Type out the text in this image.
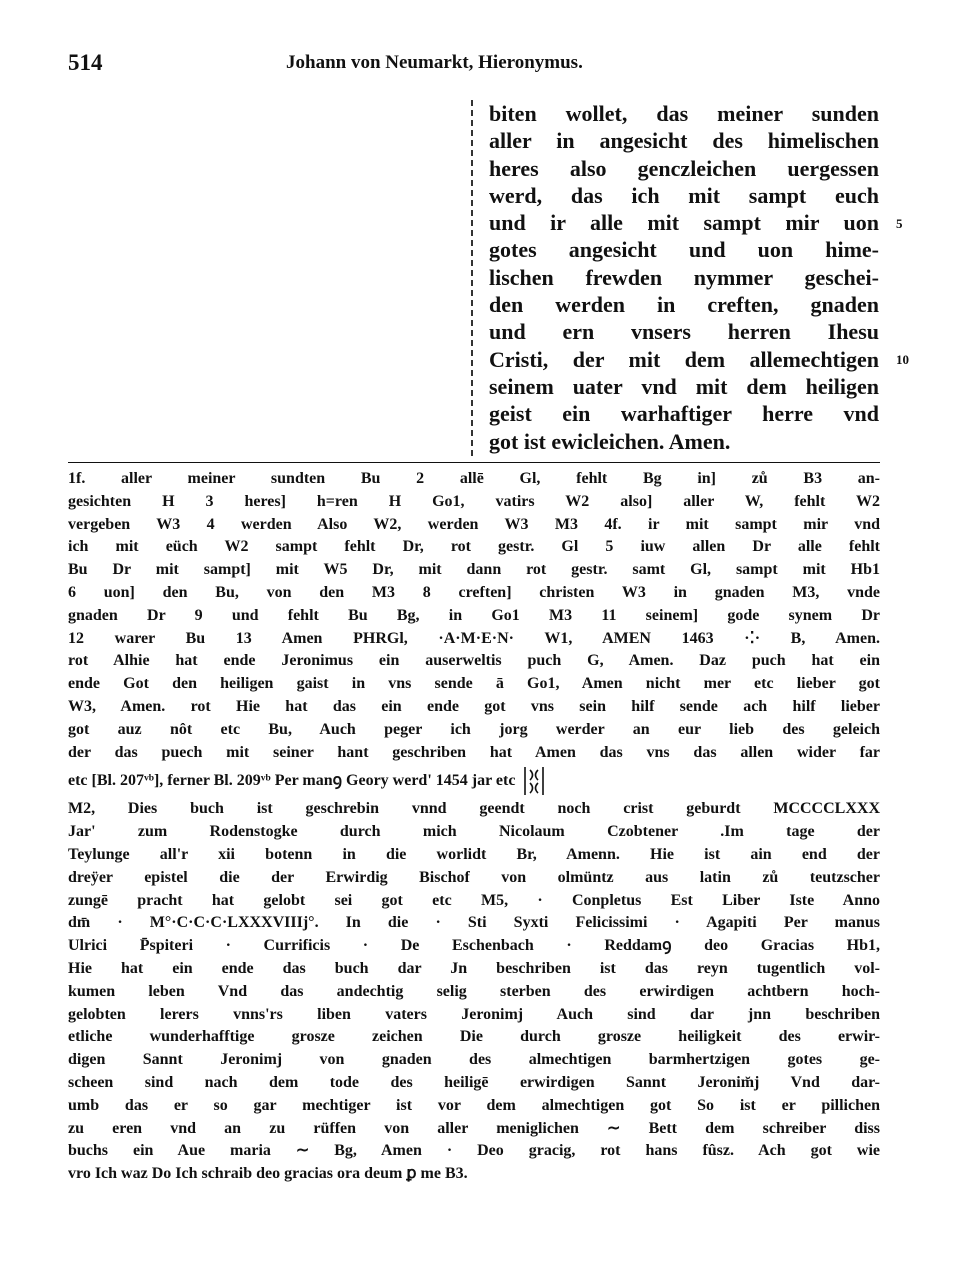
514	Johann von Neumarkt, Hieronymus.
biten wollet, das meiner sunden
aller in angesicht des himelischen
heres also genczleichen uergessen
werd, das ich mit sampt euch
und ir alle mit sampt mir uon
gotes angesicht und uon hime-
lischen frewden nymmer geschei-
den werden in creften, gnaden
und ern vnsers herren Ihesu
Cristi, der mit dem allemechtigen
seinem uater vnd mit dem heiligen
geist ein warhaftiger herre vnd
got ist ewicleichen. Amen.
5
10
1f. aller meiner sundten Bu 2 allē Gl, fehlt Bg in] zů B3 an-
gesichten H 3 heres] h=ren H Go1, vatirs W2 also] aller W, fehlt W2
vergeben W3 4 werden Also W2, werden W3 M3 4f. ir mit sampt mir vnd
ich mit eüch W2 sampt fehlt Dr, rot gestr. Gl 5 iuw allen Dr alle fehlt
Bu Dr mit sampt] mit W5 Dr, mit dann rot gestr. samt Gl, sampt mit Hb1
6 uon] den Bu, von den M3 8 creften] christen W3 in gnaden M3, vnde
gnaden Dr 9 und fehlt Bu Bg, in Go1 M3 11 seinem] gode synem Dr
12 warer Bu 13 Amen PHRGl, ·A·M·E·N· W1, AMEN 1463 ·⁚· B, Amen.
rot Alhie hat ende Jeronimus ein auserweltis puch G, Amen. Daz puch hat ein
ende Got den heiligen gaist in vns sende ā Go1, Amen nicht mer etc lieber got
W3, Amen. rot Hie hat das ein ende got vns sein hilf sende ach hilf lieber
got auz nôt etc Bu, Auch peger ich jorg werder an eur lieb des geleich
der das puech mit seiner hant geschriben hat Amen das vns das allen wider far
etc [Bl. 207ᵛᵇ], ferner Bl. 209ᵛᵇ Per manꝯ Geory werd' 1454 jar etc
M2, Dies buch ist geschrebin vnnd geendt noch crist geburdt MCCCCLXXX
Jar' zum Rodenstogke durch mich Nicolaum Czobtener .Im tage der
Teylunge all'r xii botenn in die worlidt Br, Amenn. Hie ist ain end der
dreÿer epistel die der Erwirdig Bischof von olmüntz aus latin zů teutzscher
zungē pracht hat gelobt sei got etc M5, · Conpletus Est Liber Iste Anno
dm̄ · M°·C·C·C·LXXXVIIIj°. In die · Sti Syxti Felicissimi · Agapiti Per manus
Ulrici P̄spiteri · Currificis · De Eschenbach · Reddamꝯ deo Gracias Hb1,
Hie hat ein ende das buch dar Jn beschriben ist das reyn tugentlich vol-
kumen leben Vnd das andechtig selig sterben des erwirdigen achtbern hoch-
gelobten lerers vnns'rs liben vaters Jeronimj Auch sind dar jnn beschriben
etliche wunderhafftige grosze zeichen Die durch grosze heiligkeit des erwir-
digen Sannt Jeronimj von gnaden des almechtigen barmhertzigen gotes ge-
scheen sind nach dem tode des heiligē erwirdigen Sannt Jeronim̆j Vnd dar-
umb das er so gar mechtiger ist vor dem almechtigen got So ist er pillichen
zu eren vnd an zu rüffen von aller meniglichen ∼ Bett dem schreiber diss
buchs ein Aue maria ∼ Bg, Amen · Deo gracig, rot hans fûsz. Ach got wie
vro Ich waz Do Ich schraib deo gracias ora deum ꝑ me B3.
